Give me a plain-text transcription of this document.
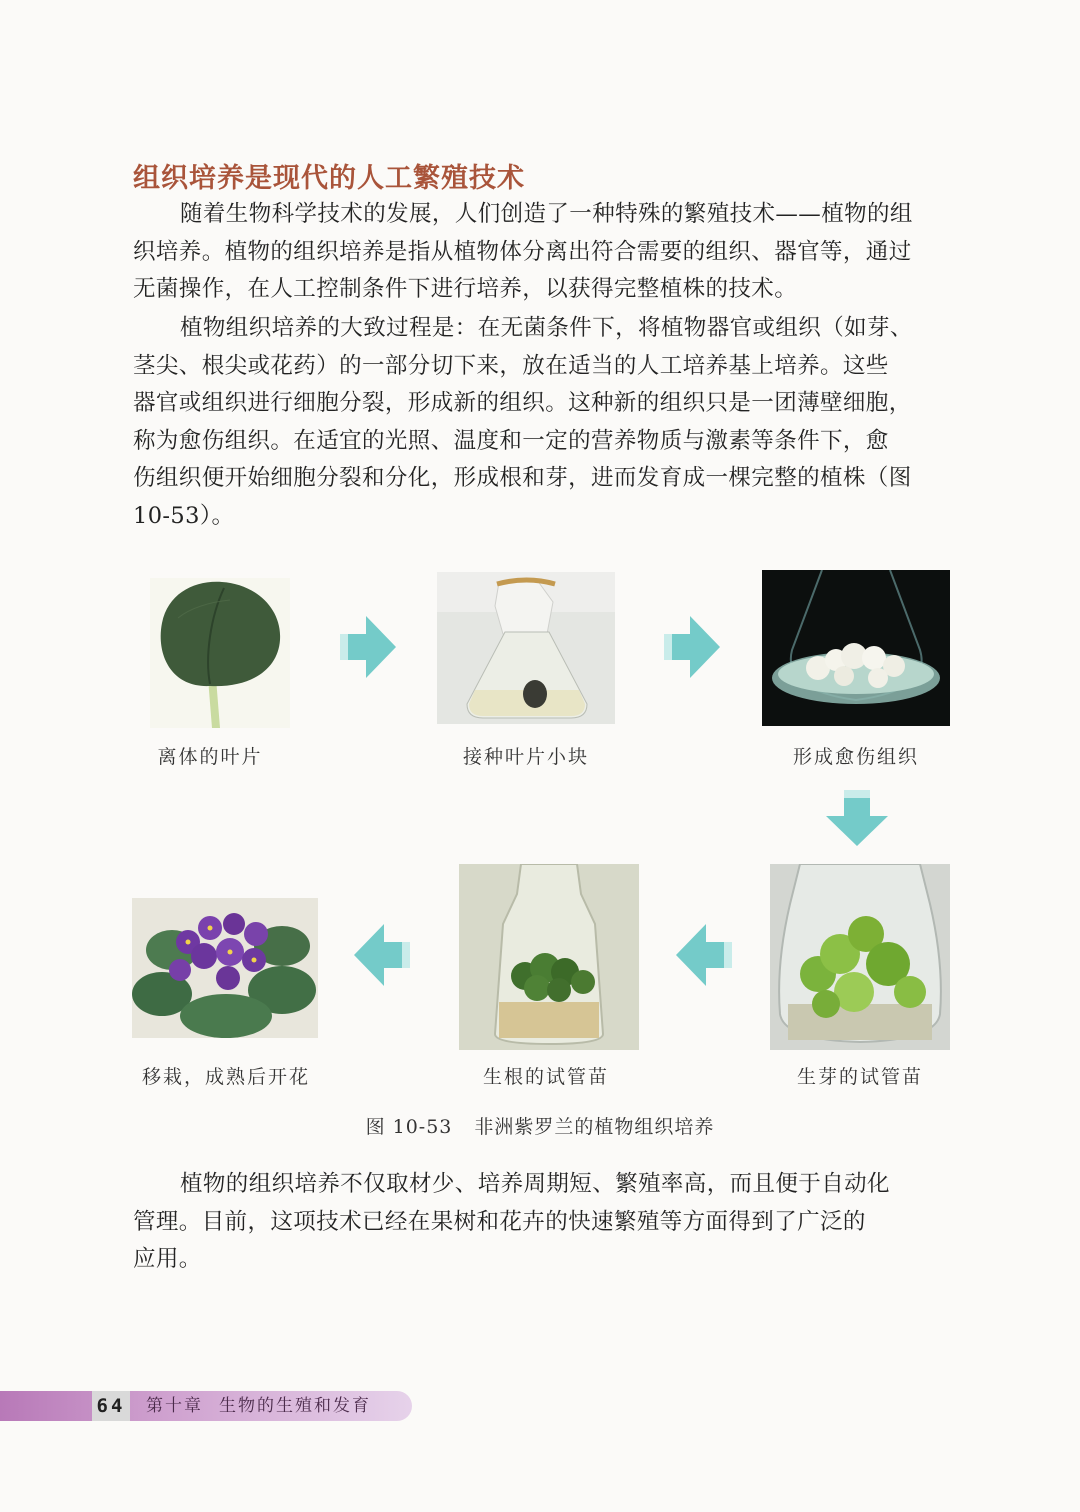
组织培养是现代的人工繁殖技术
随着生物科学技术的发展，人们创造了一种特殊的繁殖技术——植物的组
织培养。植物的组织培养是指从植物体分离出符合需要的组织、器官等，通过
无菌操作，在人工控制条件下进行培养，以获得完整植株的技术。
植物组织培养的大致过程是：在无菌条件下，将植物器官或组织（如芽、
茎尖、根尖或花药）的一部分切下来，放在适当的人工培养基上培养。这些
器官或组织进行细胞分裂，形成新的组织。这种新的组织只是一团薄壁细胞，
称为愈伤组织。在适宜的光照、温度和一定的营养物质与激素等条件下，愈
伤组织便开始细胞分裂和分化，形成根和芽，进而发育成一棵完整的植株（图
10-53）。
离体的叶片	接种叶片小块	形成愈伤组织
生芽的试管苗
生根的试管苗
移栽，成熟后开花
图 10-53 非洲紫罗兰的植物组织培养
植物的组织培养不仅取材少、培养周期短、繁殖率高，而且便于自动化
管理。目前，这项技术已经在果树和花卉的快速繁殖等方面得到了广泛的
应用。
64 第十章 生物的生殖和发育
